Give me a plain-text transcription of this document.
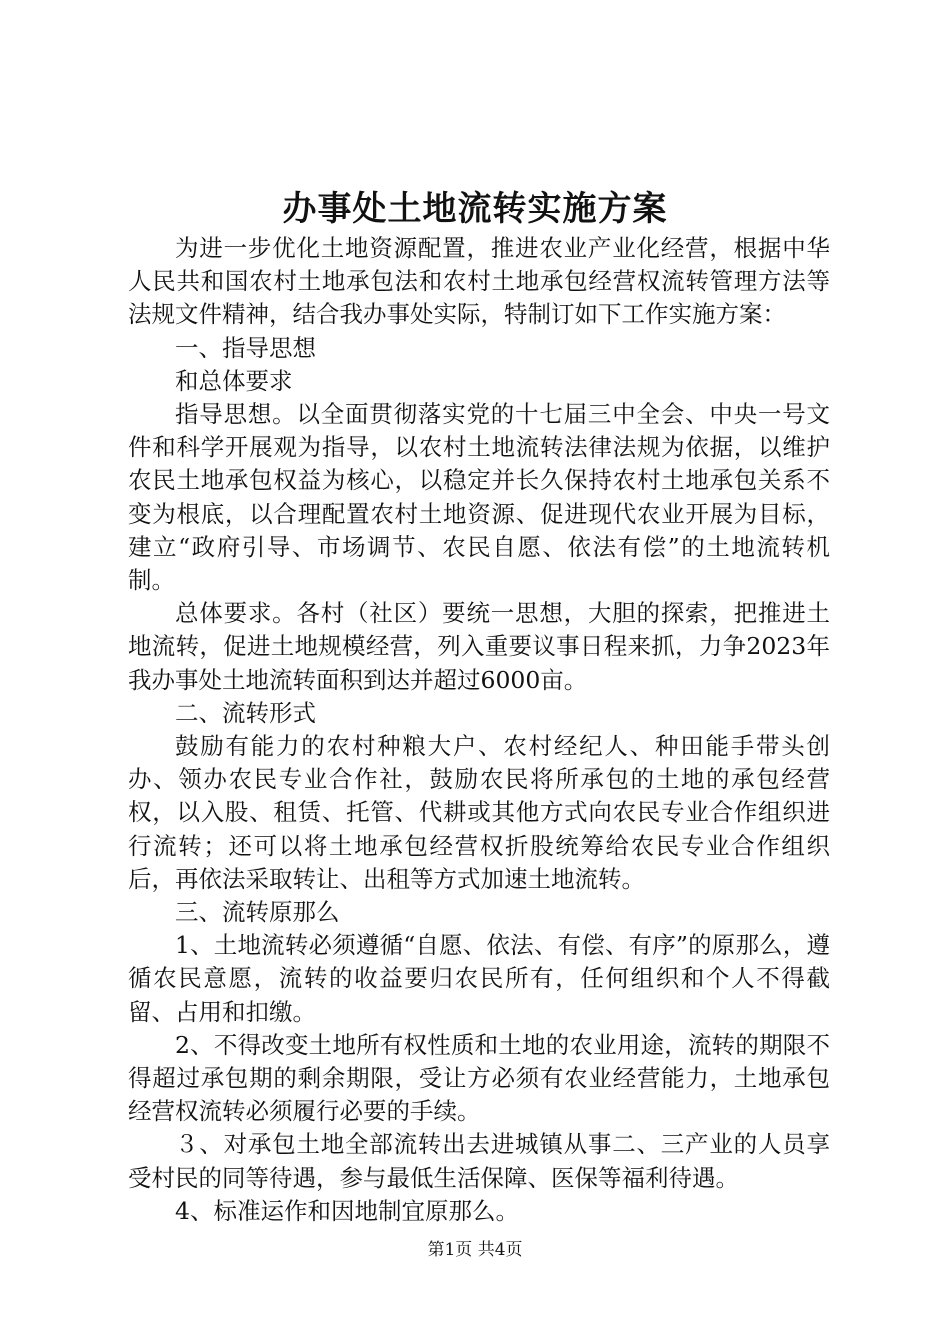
办事处土地流转实施方案

为进一步优化土地资源配置，推进农业产业化经营，根据中华人民共和国农村土地承包法和农村土地承包经营权流转管理方法等法规文件精神，结合我办事处实际，特制订如下工作实施方案：

一、指导思想

和总体要求

指导思想。以全面贯彻落实党的十七届三中全会、中央一号文件和科学开展观为指导，以农村土地流转法律法规为依据，以维护农民土地承包权益为核心，以稳定并长久保持农村土地承包关系不变为根底，以合理配置农村土地资源、促进现代农业开展为目标，建立“政府引导、市场调节、农民自愿、依法有偿”的土地流转机制。

总体要求。各村（社区）要统一思想，大胆的探索，把推进土地流转，促进土地规模经营，列入重要议事日程来抓，力争2023年我办事处土地流转面积到达并超过6000亩。

二、流转形式

鼓励有能力的农村种粮大户、农村经纪人、种田能手带头创办、领办农民专业合作社，鼓励农民将所承包的土地的承包经营权，以入股、租赁、托管、代耕或其他方式向农民专业合作组织进行流转；还可以将土地承包经营权折股统筹给农民专业合作组织后，再依法采取转让、出租等方式加速土地流转。

三、流转原那么

1、土地流转必须遵循“自愿、依法、有偿、有序”的原那么，遵循农民意愿，流转的收益要归农民所有，任何组织和个人不得截留、占用和扣缴。

2、不得改变土地所有权性质和土地的农业用途，流转的期限不得超过承包期的剩余期限，受让方必须有农业经营能力，土地承包经营权流转必须履行必要的手续。

３、对承包土地全部流转出去进城镇从事二、三产业的人员享受村民的同等待遇，参与最低生活保障、医保等福利待遇。

4、标准运作和因地制宜原那么。

第1页 共4页
